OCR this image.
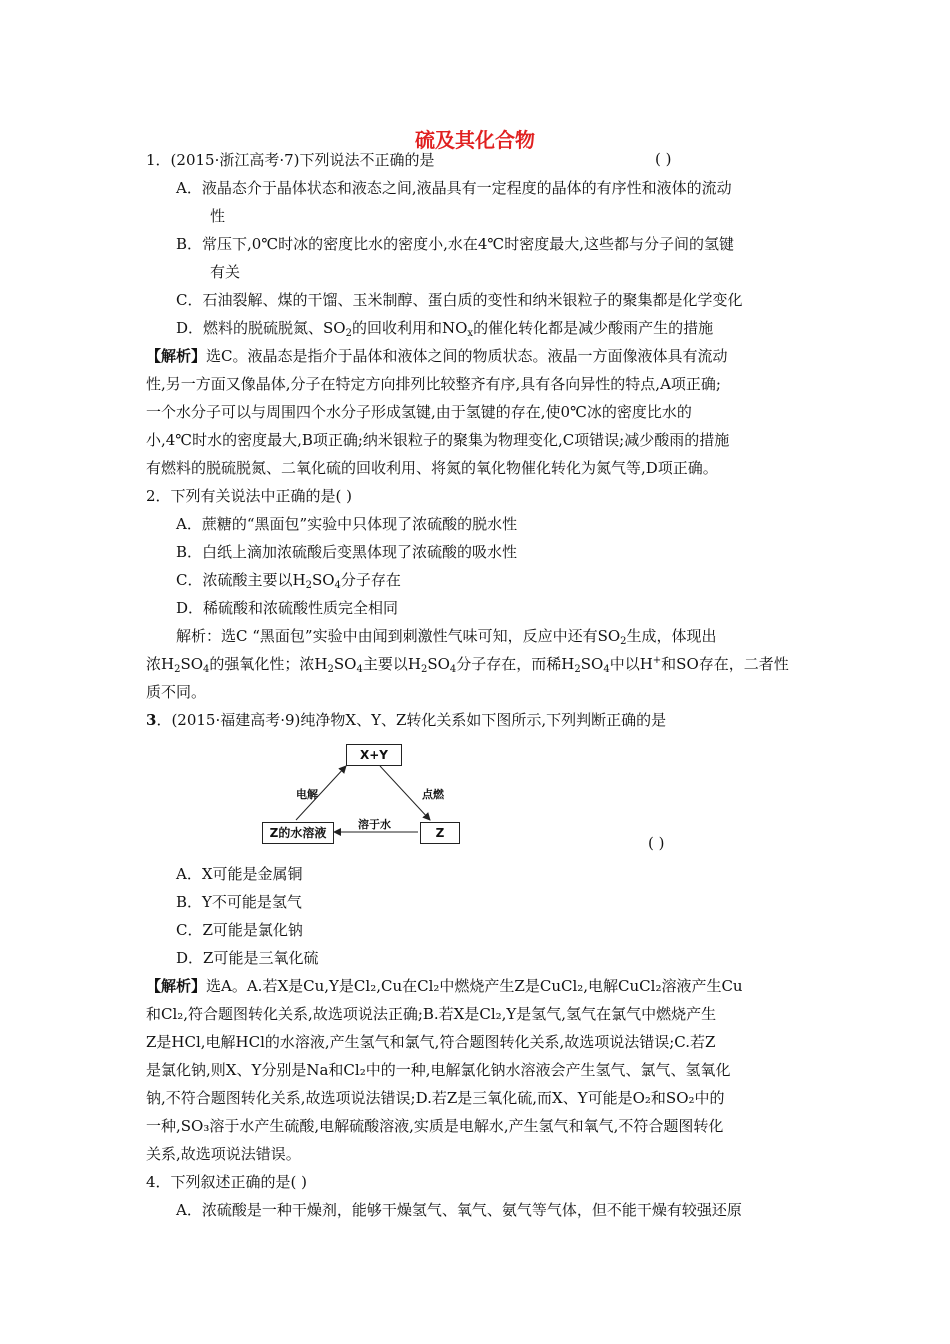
硫及其化合物
1．(2015·浙江高考·7)下列说法不正确的是	( )
A．液晶态介于晶体状态和液态之间,液晶具有一定程度的晶体的有序性和液体的流动
性
B．常压下,0℃时冰的密度比水的密度小,水在4℃时密度最大,这些都与分子间的氢键
有关
C．石油裂解、煤的干馏、玉米制醇、蛋白质的变性和纳米银粒子的聚集都是化学变化
D．燃料的脱硫脱氮、$SO_2$的回收利用和$NO_x$的催化转化都是减少酸雨产生的措施
【解析】选C。液晶态是指介于晶体和液体之间的物质状态。液晶一方面像液体具有流动
性,另一方面又像晶体,分子在特定方向排列比较整齐有序,具有各向异性的特点,A项正确;
一个水分子可以与周围四个水分子形成氢键,由于氢键的存在,使0℃冰的密度比水的
小,4℃时水的密度最大,B项正确;纳米银粒子的聚集为物理变化,C项错误;减少酸雨的措施
有燃料的脱硫脱氮、二氧化硫的回收利用、将氮的氧化物催化转化为氮气等,D项正确。
2．下列有关说法中正确的是( )
A．蔗糖的“黑面包”实验中只体现了浓硫酸的脱水性
B．白纸上滴加浓硫酸后变黑体现了浓硫酸的吸水性
C．浓硫酸主要以$H_2SO_4$分子存在
D．稀硫酸和浓硫酸性质完全相同
解析：选C “黑面包”实验中由闻到刺激性气味可知，反应中还有$SO_2$生成，体现出
浓$H_2SO_4$的强氧化性；浓$H_2SO_4$主要以$H_2SO_4$分子存在，而稀$H_2SO_4$中以H+和SO存在，二者性
质不同。
3．(2015·福建高考·9)纯净物X、Y、Z转化关系如下图所示,下列判断正确的是
X+Y
Z的水溶液	Z
电解	点燃
溶于水
( )
A．X可能是金属铜
B．Y不可能是氢气
C．Z可能是氯化钠
D．Z可能是三氧化硫
【解析】选A。A.若X是Cu,Y是Cl₂,Cu在Cl₂中燃烧产生Z是CuCl₂,电解CuCl₂溶液产生Cu
和Cl₂,符合题图转化关系,故选项说法正确;B.若X是Cl₂,Y是氢气,氢气在氯气中燃烧产生
Z是HCl,电解HCl的水溶液,产生氢气和氯气,符合题图转化关系,故选项说法错误;C.若Z
是氯化钠,则X、Y分别是Na和Cl₂中的一种,电解氯化钠水溶液会产生氢气、氯气、氢氧化
钠,不符合题图转化关系,故选项说法错误;D.若Z是三氧化硫,而X、Y可能是O₂和SO₂中的
一种,SO₃溶于水产生硫酸,电解硫酸溶液,实质是电解水,产生氢气和氧气,不符合题图转化
关系,故选项说法错误。
4．下列叙述正确的是( )
A．浓硫酸是一种干燥剂，能够干燥氢气、氧气、氨气等气体，但不能干燥有较强还原
